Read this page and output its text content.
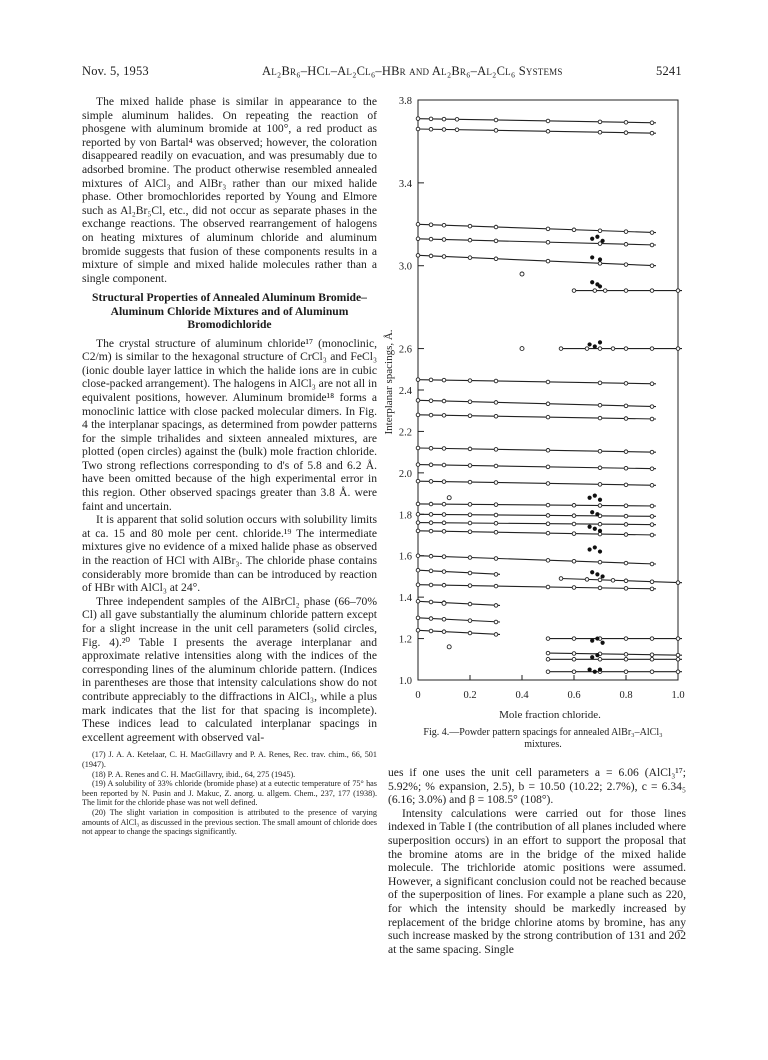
Nov. 5, 1953	Al₂Br₆–HCl–Al₂Cl₆–HBr and Al₂Br₆–Al₂Cl₆ Systems	5241

The mixed halide phase is similar in appearance to the simple aluminum halides. On repeating the reaction of phosgene with aluminum bromide at 100°, a red product as reported by von Bartal⁴ was observed; however, the coloration disappeared readily on evacuation, and was presumably due to adsorbed bromine. The product otherwise resembled annealed mixtures of AlCl₃ and AlBr₃ rather than our mixed halide phase. Other bromochlorides reported by Young and Elmore such as Al₂Br₅Cl, etc., did not occur as separate phases in the exchange reactions. The observed rearrangement of halogens on heating mixtures of aluminum chloride and aluminum bromide suggests that fusion of these components results in a mixture of simple and mixed halide molecules rather than a single component.

Structural Properties of Annealed Aluminum Bromide–Aluminum Chloride Mixtures and of Aluminum Bromodichloride

The crystal structure of aluminum chloride¹⁷ (monoclinic, C2/m) is similar to the hexagonal structure of CrCl₃ and FeCl₃ (ionic double layer lattice in which the halide ions are in cubic close-packed arrangement). The halogens in AlCl₃ are not all in equivalent positions, however. Aluminum bromide¹⁸ forms a monoclinic lattice with close packed molecular dimers. In Fig. 4 the interplanar spacings, as determined from powder patterns for the simple trihalides and sixteen annealed mixtures, are plotted (open circles) against the (bulk) mole fraction chloride. Two strong reflections corresponding to d's of 5.8 and 6.2 Å. have been omitted because of the high experimental error in this region. Other observed spacings greater than 3.8 Å. were faint and uncertain.

It is apparent that solid solution occurs with solubility limits at ca. 15 and 80 mole per cent. chloride.¹⁹ The intermediate mixtures give no evidence of a mixed halide phase as observed in the reaction of HCl with AlBr₃. The chloride phase contains considerably more bromide than can be introduced by reaction of HBr with AlCl₃ at 24°.

Three independent samples of the AlBrCl₂ phase (66–70% Cl) all gave substantially the aluminum chloride pattern except for a slight increase in the unit cell parameters (solid circles, Fig. 4).²⁰ Table I presents the average interplanar and approximate relative intensities along with the indices of the corresponding lines of the aluminum chloride pattern. (Indices in parentheses are those that intensity calculations show do not contribute appreciably to the diffractions in AlCl₃, while a plus mark indicates that the list for that spacing is incomplete). These indices lead to calculated interplanar spacings in excellent agreement with observed val-

(17) J. A. A. Ketelaar, C. H. MacGillavry and P. A. Renes, Rec. trav. chim., 66, 501 (1947).
(18) P. A. Renes and C. H. MacGillavry, ibid., 64, 275 (1945).
(19) A solubility of 33% chloride (bromide phase) at a eutectic temperature of 75° has been reported by N. Pusin and J. Makuc, Z. anorg. u. allgem. Chem., 237, 177 (1938). The limit for the chloride phase was not well defined.
(20) The slight variation in composition is attributed to the presence of varying amounts of AlCl₃ as discussed in the previous section. The small amount of chloride does not appear to change the spacings significantly.
Interplanar spacings, Å.
Mole fraction chloride.
1.0
1.2
1.4
1.6
1.8
2.0
2.2
2.4
2.6
3.0
3.4
3.8
0	0.2	0.4	0.6	0.8	1.0
Fig. 4.—Powder pattern spacings for annealed AlBr₃–AlCl₃
mixtures.

ues if one uses the unit cell parameters a = 6.06 (AlCl₃¹⁷; 5.92%; % expansion, 2.5), b = 10.50 (10.22; 2.7%), c = 6.34₅ (6.16; 3.0%) and β = 108.5° (108°).

Intensity calculations were carried out for those lines indexed in Table I (the contribution of all planes included where superposition occurs) in an effort to support the proposal that the bromine atoms are in the bridge of the mixed halide molecule. The trichloride atomic positions were assumed. However, a significant conclusion could not be reached because of the superposition of lines. For example a plane such as 220, for which the intensity should be markedly increased by replacement of the bridge chlorine atoms by bromine, has any such increase masked by the strong contribution of 131 and 20̅2 at the same spacing. Single
